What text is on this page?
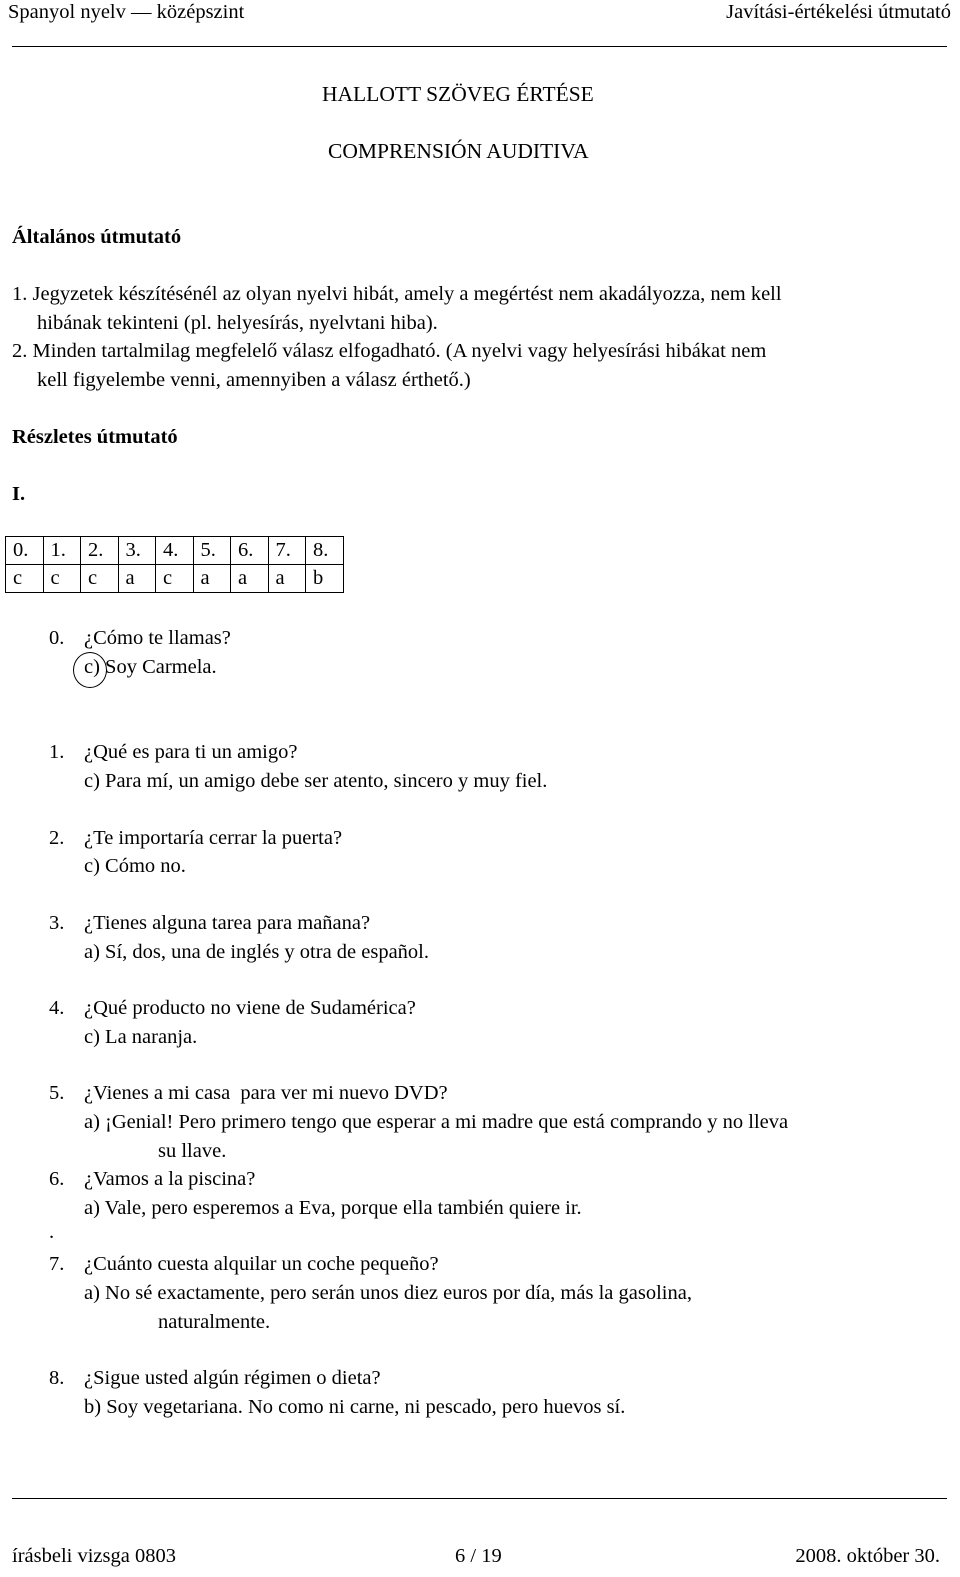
Spanyol nyelv — középszint	Javítási-értékelési útmutató
HALLOTT SZÖVEG ÉRTÉSE
COMPRENSIÓN AUDITIVA
Általános útmutató
1. Jegyzetek készítésénél az olyan nyelvi hibát, amely a megértést nem akadályozza, nem kell
hibának tekinteni (pl. helyesírás, nyelvtani hiba).
2. Minden tartalmilag megfelelő válasz elfogadható. (A nyelvi vagy helyesírási hibákat nem
kell figyelembe venni, amennyiben a válasz érthető.)
Részletes útmutató
I.
0.	1.	2.	3.	4.	5.	6.	7.	8.
c	c	c	a	c	a	a	a	b
0. ¿Cómo te llamas?
c) Soy Carmela.
1. ¿Qué es para ti un amigo?
c) Para mí, un amigo debe ser atento, sincero y muy fiel.
2. ¿Te importaría cerrar la puerta?
c) Cómo no.
3. ¿Tienes alguna tarea para mañana?
a) Sí, dos, una de inglés y otra de español.
4. ¿Qué producto no viene de Sudamérica?
c) La naranja.
5. ¿Vienes a mi casa  para ver mi nuevo DVD?
a) ¡Genial! Pero primero tengo que esperar a mi madre que está comprando y no lleva
su llave.
6. ¿Vamos a la piscina?
a) Vale, pero esperemos a Eva, porque ella también quiere ir.
.
7. ¿Cuánto cuesta alquilar un coche pequeño?
a) No sé exactamente, pero serán unos diez euros por día, más la gasolina,
naturalmente.
8. ¿Sigue usted algún régimen o dieta?
b) Soy vegetariana. No como ni carne, ni pescado, pero huevos sí.
írásbeli vizsga 0803	6 / 19	2008. október 30.
